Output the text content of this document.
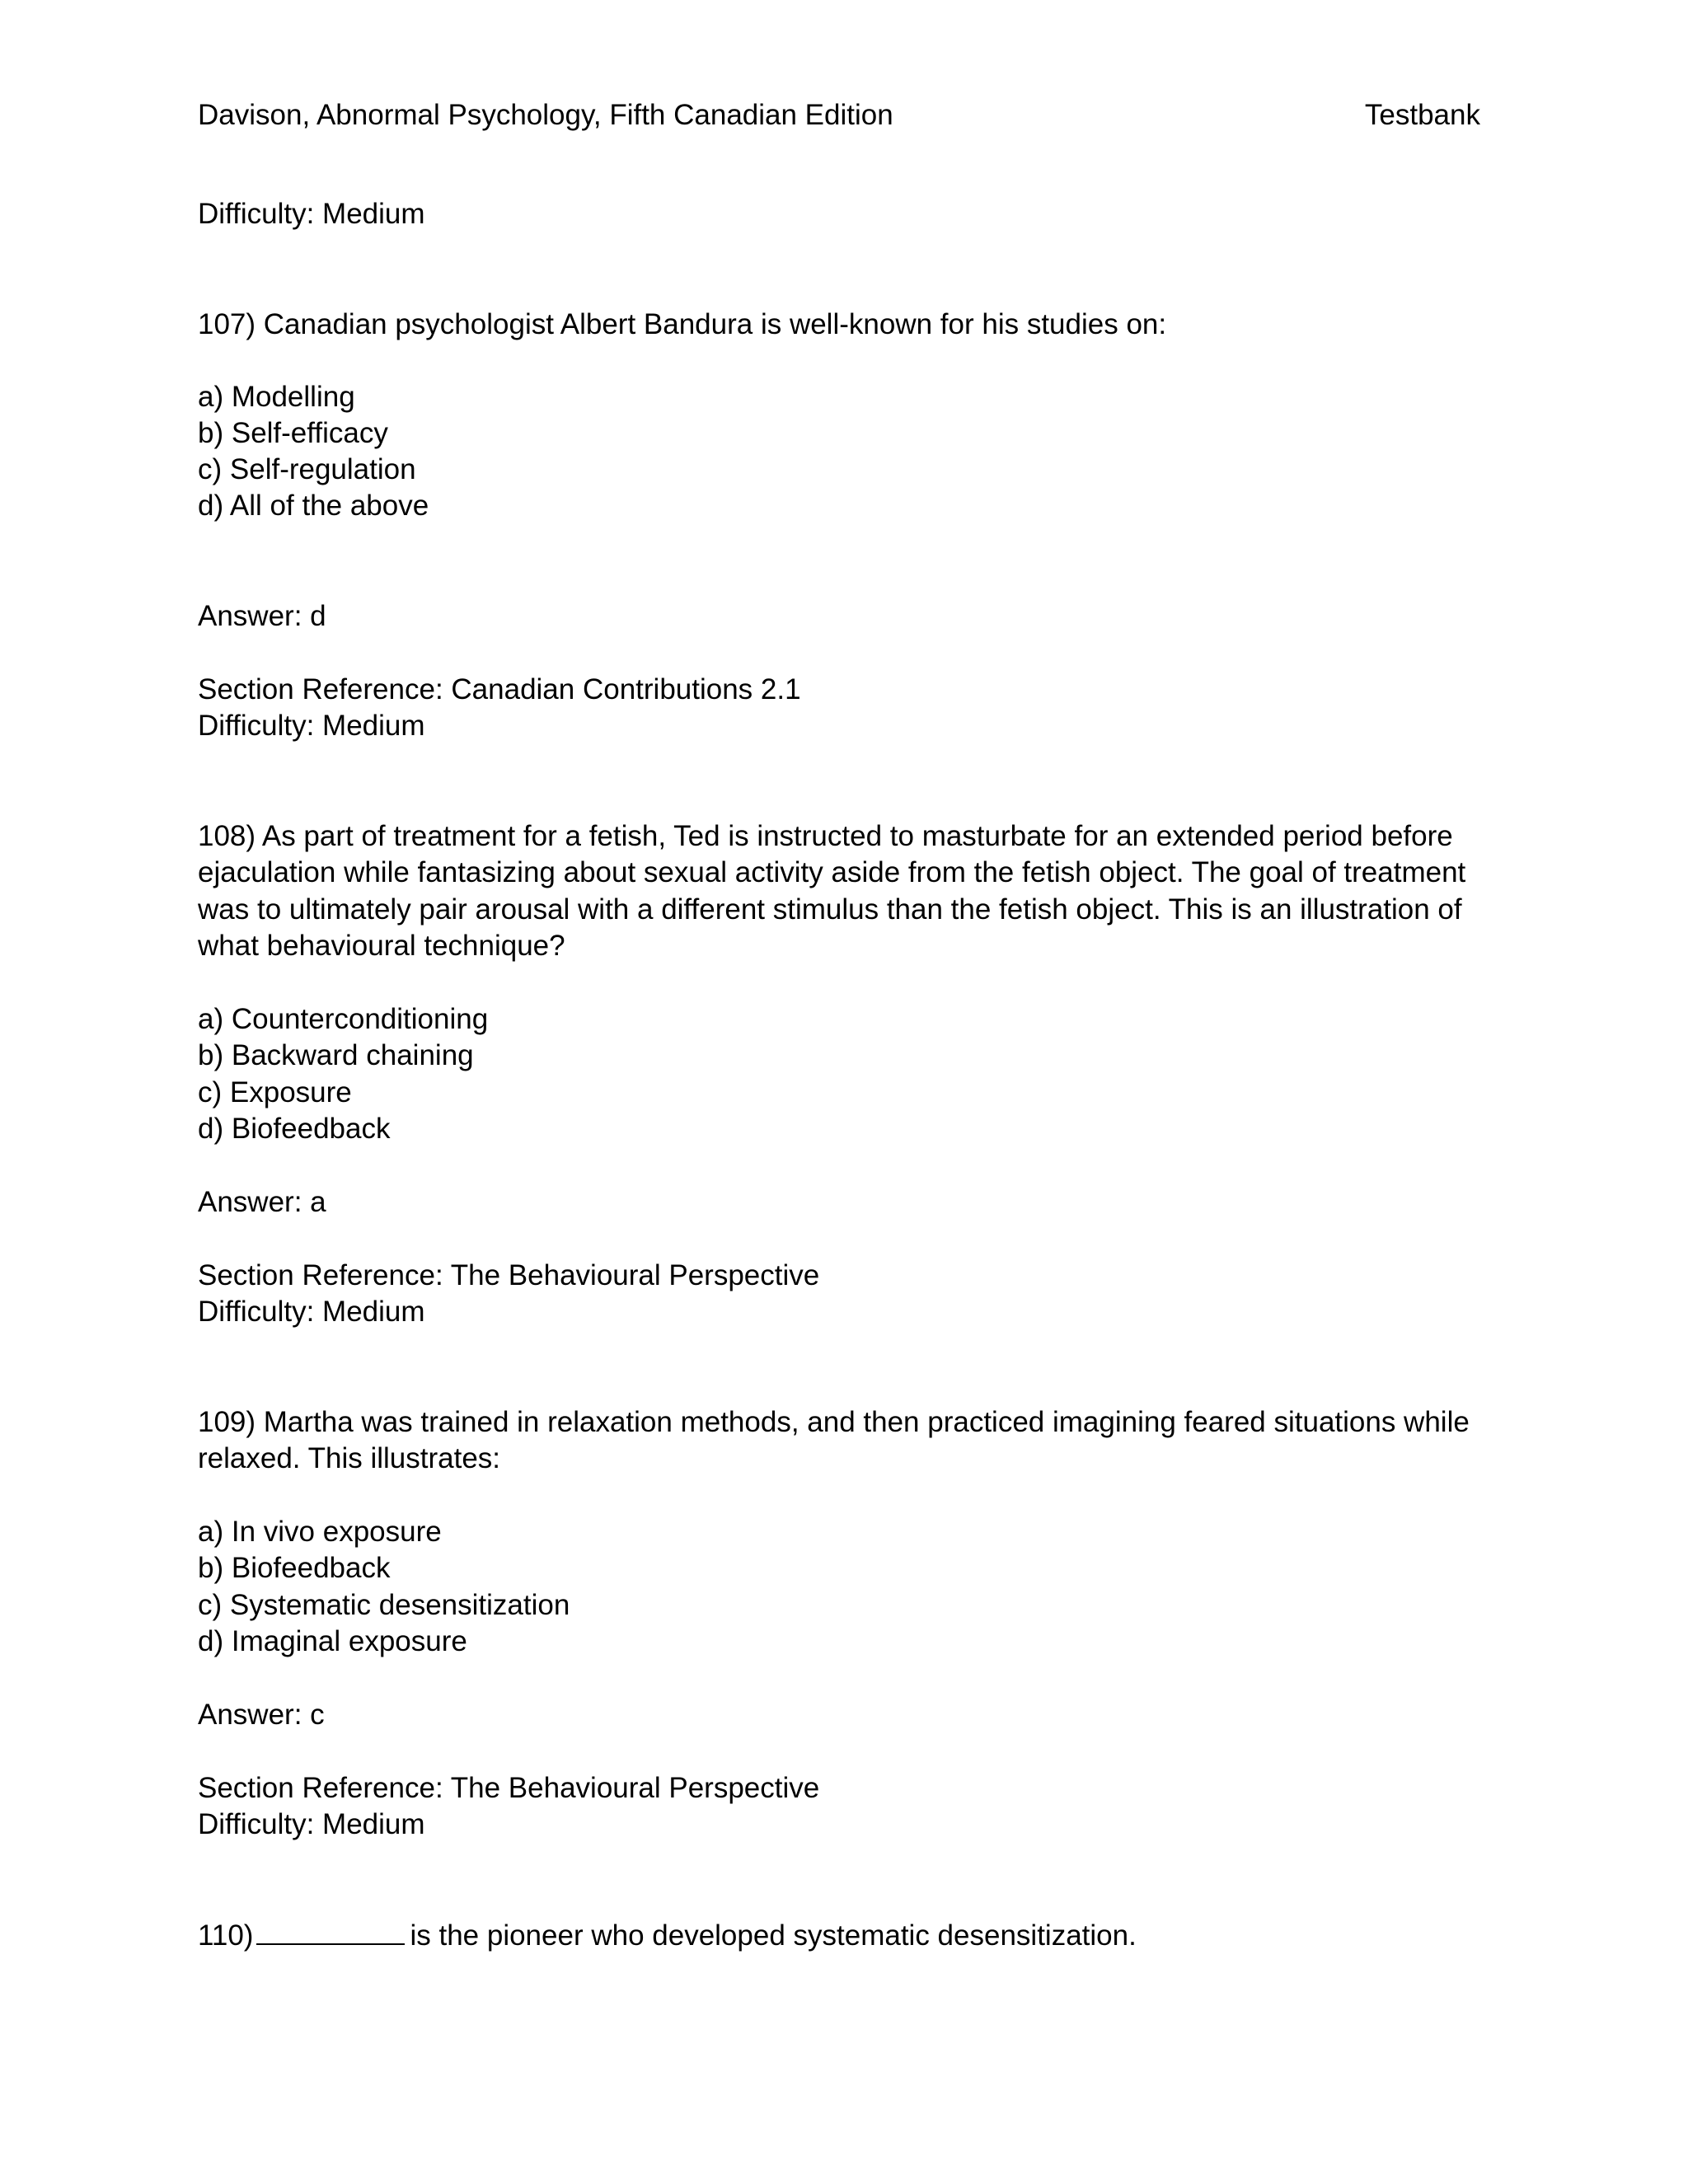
Davison, Abnormal Psychology, Fifth Canadian Edition	Testbank
Difficulty: Medium
107) Canadian psychologist Albert Bandura is well-known for his studies on:
a) Modelling
b) Self-efficacy
c) Self-regulation
d) All of the above
Answer: d
Section Reference: Canadian Contributions 2.1
Difficulty: Medium
108) As part of treatment for a fetish, Ted is instructed to masturbate for an extended period before
ejaculation while fantasizing about sexual activity aside from the fetish object. The goal of treatment
was to ultimately pair arousal with a different stimulus than the fetish object. This is an illustration of
what behavioural technique?
a) Counterconditioning
b) Backward chaining
c) Exposure
d) Biofeedback
Answer: a
Section Reference: The Behavioural Perspective
Difficulty: Medium
109) Martha was trained in relaxation methods, and then practiced imagining feared situations while
relaxed. This illustrates:
a) In vivo exposure
b) Biofeedback
c) Systematic desensitization
d) Imaginal exposure
Answer: c
Section Reference: The Behavioural Perspective
Difficulty: Medium
110)	is the pioneer who developed systematic desensitization.
